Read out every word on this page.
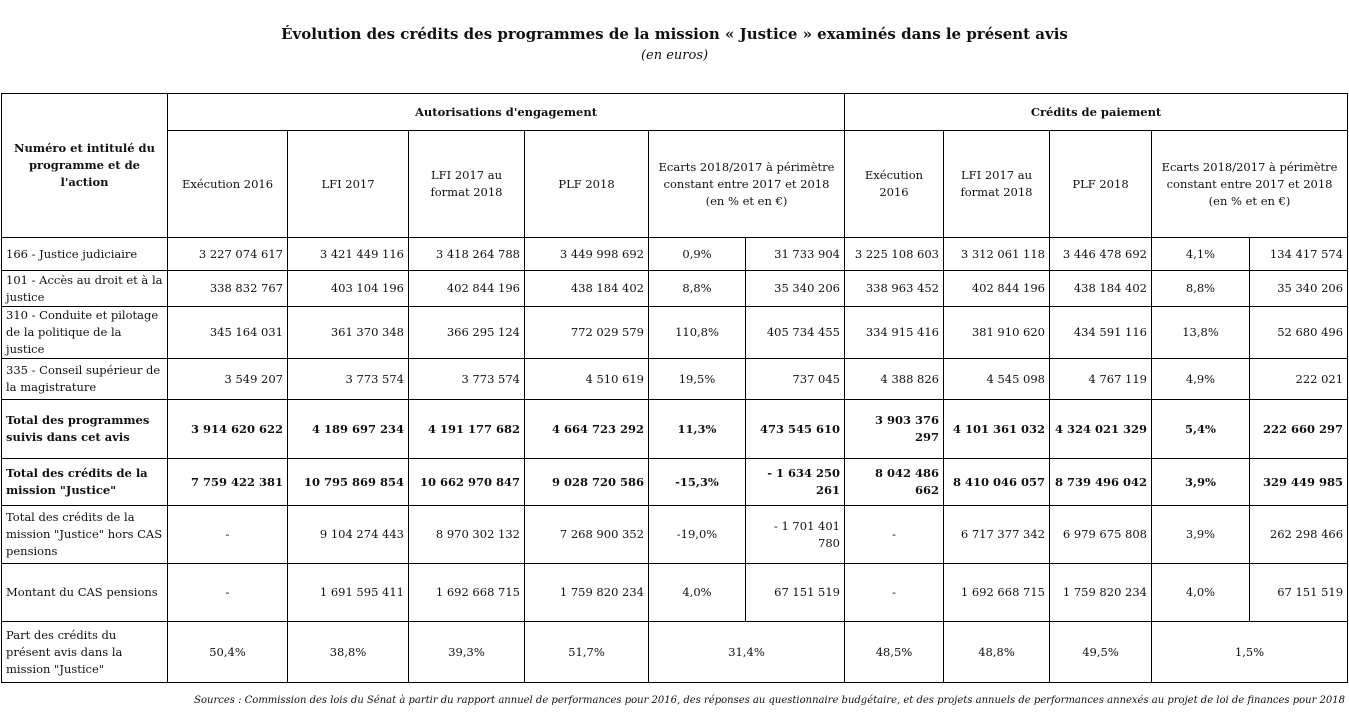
Évolution des crédits des programmes de la mission « Justice » examinés dans le présent avis
(en euros)
Numéro et intitulé du programme et de l'action	Autorisations d'engagement						Crédits de paiement				
	Exécution 2016	LFI 2017	LFI 2017 au format 2018	PLF 2018	Ecarts 2018/2017 à périmètre constant entre 2017 et 2018 (en % et en €)		Exécution 2016	LFI 2017 au format 2018	PLF 2018	Ecarts 2018/2017 à périmètre constant entre 2017 et 2018 (en % et en €)	
166 - Justice judiciaire	3 227 074 617	3 421 449 116	3 418 264 788	3 449 998 692	0,9%	31 733 904	3 225 108 603	3 312 061 118	3 446 478 692	4,1%	134 417 574
101 - Accès au droit et à la justice	338 832 767	403 104 196	402 844 196	438 184 402	8,8%	35 340 206	338 963 452	402 844 196	438 184 402	8,8%	35 340 206
310 - Conduite et pilotage de la politique de la justice	345 164 031	361 370 348	366 295 124	772 029 579	110,8%	405 734 455	334 915 416	381 910 620	434 591 116	13,8%	52 680 496
335 - Conseil supérieur de la magistrature	3 549 207	3 773 574	3 773 574	4 510 619	19,5%	737 045	4 388 826	4 545 098	4 767 119	4,9%	222 021
Total des programmes suivis dans cet avis	3 914 620 622	4 189 697 234	4 191 177 682	4 664 723 292	11,3%	473 545 610	3 903 376 297	4 101 361 032	4 324 021 329	5,4%	222 660 297
Total des crédits de la mission "Justice"	7 759 422 381	10 795 869 854	10 662 970 847	9 028 720 586	-15,3%	- 1 634 250 261	8 042 486 662	8 410 046 057	8 739 496 042	3,9%	329 449 985
Total des crédits de la mission "Justice" hors CAS pensions	-	9 104 274 443	8 970 302 132	7 268 900 352	-19,0%	- 1 701 401 780	-	6 717 377 342	6 979 675 808	3,9%	262 298 466
Montant du CAS pensions	-	1 691 595 411	1 692 668 715	1 759 820 234	4,0%	67 151 519	-	1 692 668 715	1 759 820 234	4,0%	67 151 519
Part des crédits du présent avis dans la mission "Justice"	50,4%	38,8%	39,3%	51,7%	31,4%		48,5%	48,8%	49,5%	1,5%	
Sources : Commission des lois du Sénat à partir du rapport annuel de performances pour 2016, des réponses au questionnaire budgétaire, et des projets annuels de performances annexés au projet de loi de finances pour 2018
